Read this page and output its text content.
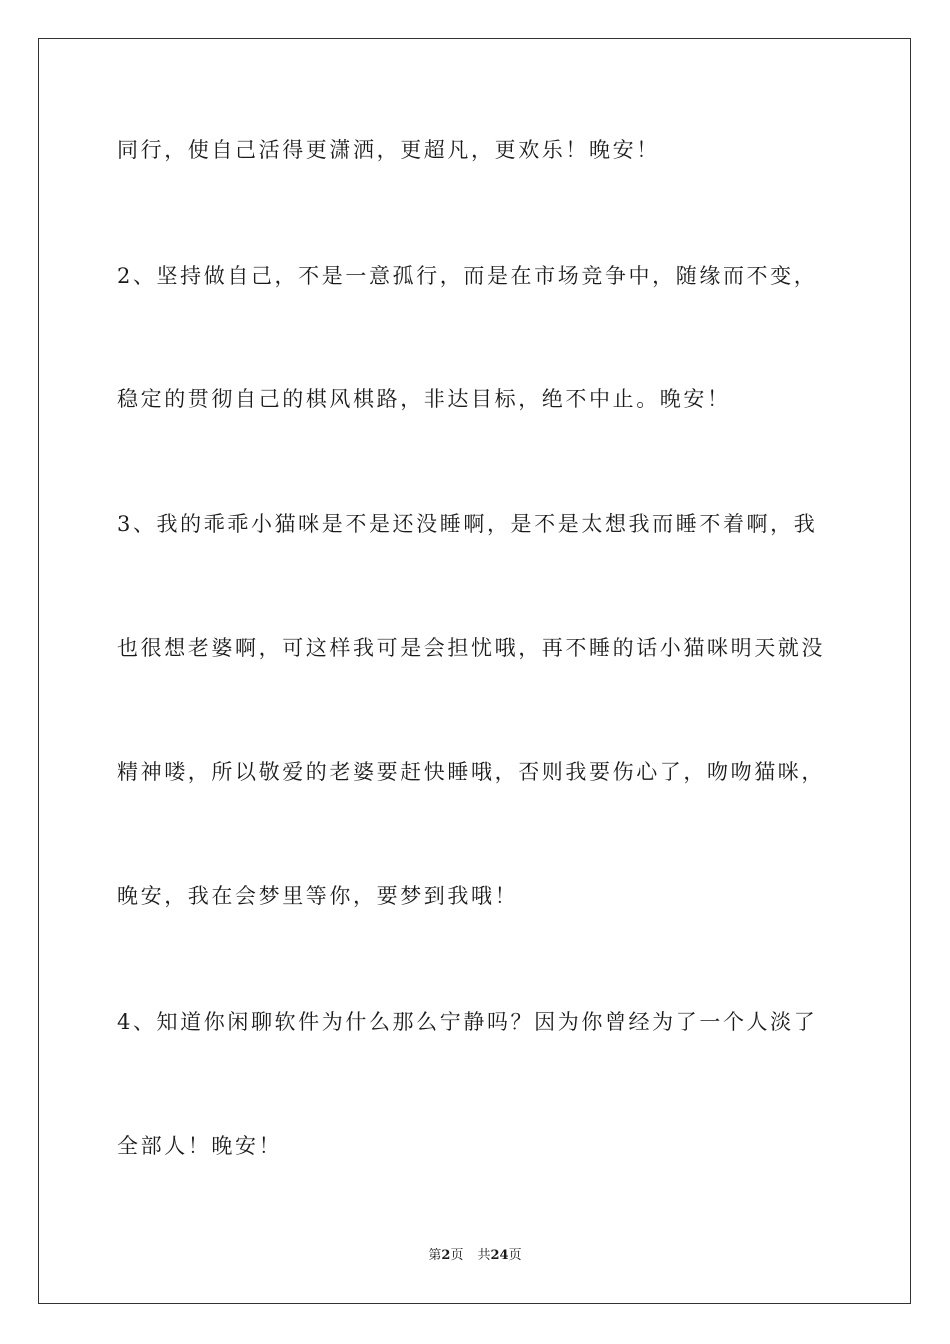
同行，使自己活得更潇洒，更超凡，更欢乐！晚安！
2、坚持做自己，不是一意孤行，而是在市场竞争中，随缘而不变，
稳定的贯彻自己的棋风棋路，非达目标，绝不中止。晚安！
3、我的乖乖小猫咪是不是还没睡啊，是不是太想我而睡不着啊，我
也很想老婆啊，可这样我可是会担忧哦，再不睡的话小猫咪明天就没
精神喽，所以敬爱的老婆要赶快睡哦，否则我要伤心了，吻吻猫咪，
晚安，我在会梦里等你，要梦到我哦！
4、知道你闲聊软件为什么那么宁静吗？因为你曾经为了一个人淡了
全部人！晚安！
第2页 共24页
